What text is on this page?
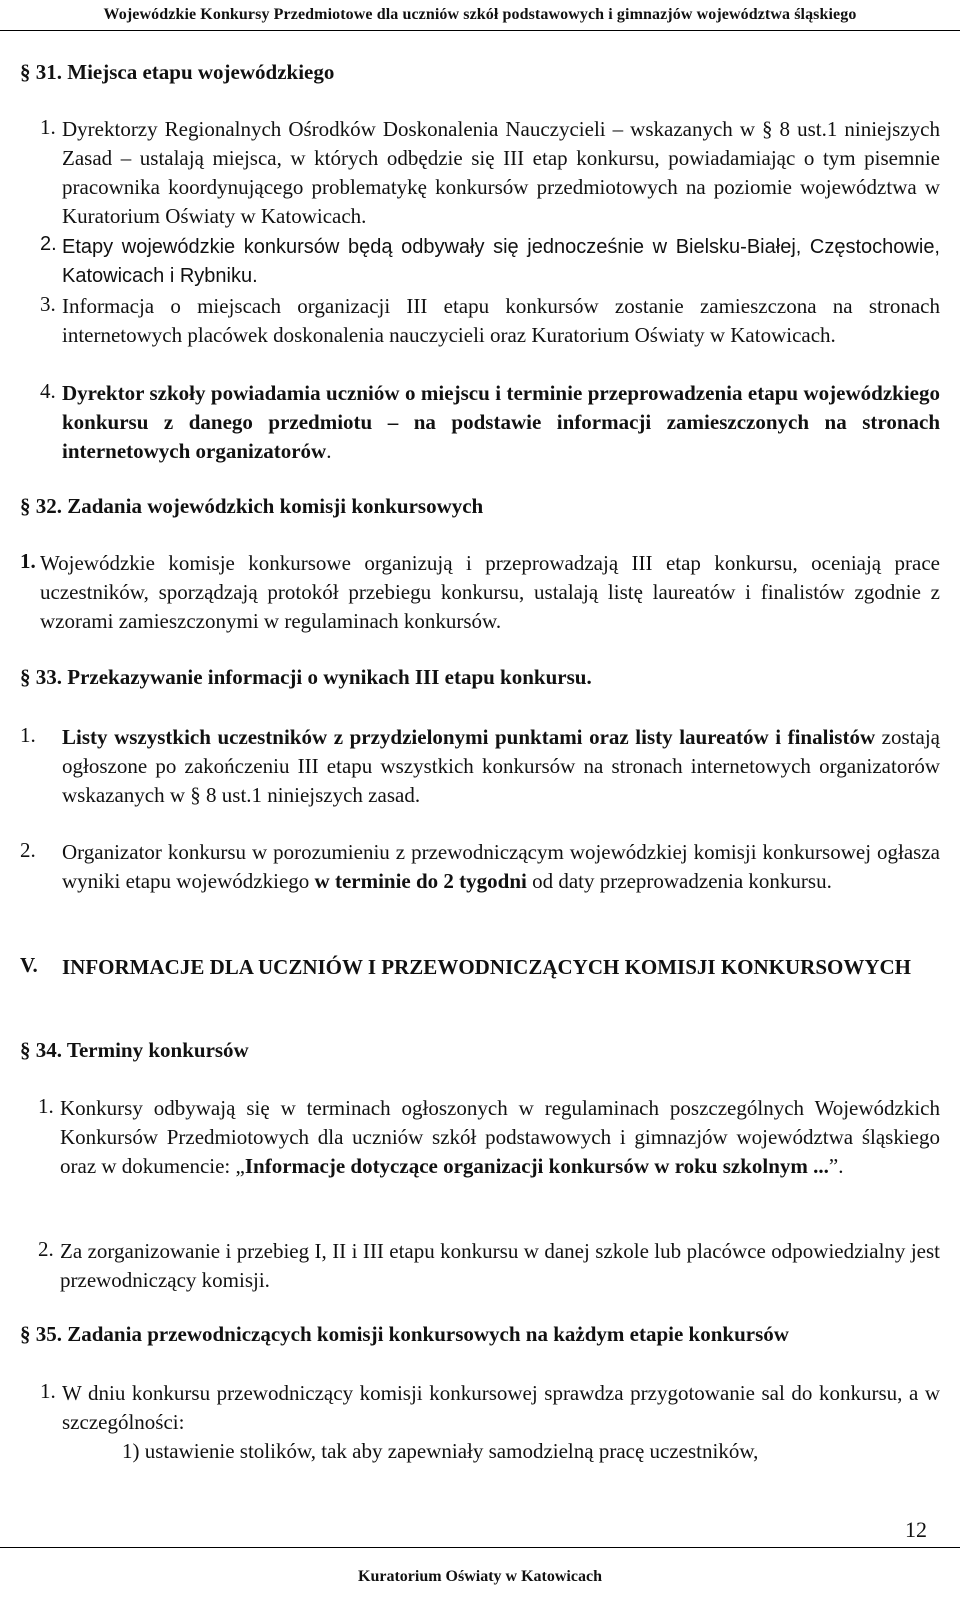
Wojewódzkie Konkursy Przedmiotowe dla uczniów szkół podstawowych i gimnazjów województwa śląskiego
§ 31. Miejsca etapu wojewódzkiego
1. Dyrektorzy Regionalnych Ośrodków Doskonalenia Nauczycieli – wskazanych w § 8 ust.1 niniejszych Zasad – ustalają miejsca, w których odbędzie się III etap konkursu, powiadamiając o tym pisemnie pracownika koordynującego problematykę konkursów przedmiotowych na poziomie województwa w Kuratorium Oświaty w Katowicach.
2. Etapy wojewódzkie konkursów będą odbywały się jednocześnie w Bielsku-Białej, Częstochowie, Katowicach i Rybniku.
3. Informacja o miejscach organizacji III etapu konkursów zostanie zamieszczona na stronach internetowych placówek doskonalenia nauczycieli oraz Kuratorium Oświaty w Katowicach.
4. Dyrektor szkoły powiadamia uczniów o miejscu i terminie przeprowadzenia etapu wojewódzkiego konkursu z danego przedmiotu – na podstawie informacji zamieszczonych na stronach internetowych organizatorów.
§ 32. Zadania wojewódzkich komisji konkursowych
1. Wojewódzkie komisje konkursowe organizują i przeprowadzają III etap konkursu, oceniają prace uczestników, sporządzają protokół przebiegu konkursu, ustalają listę laureatów i finalistów zgodnie z wzorami zamieszczonymi w regulaminach konkursów.
§ 33. Przekazywanie informacji o wynikach III etapu konkursu.
1. Listy wszystkich uczestników z przydzielonymi punktami oraz listy laureatów i finalistów zostają ogłoszone po zakończeniu III etapu wszystkich konkursów na stronach internetowych organizatorów wskazanych w § 8 ust.1 niniejszych zasad.
2. Organizator konkursu w porozumieniu z przewodniczącym wojewódzkiej komisji konkursowej ogłasza wyniki etapu wojewódzkiego w terminie do 2 tygodni od daty przeprowadzenia konkursu.
V. INFORMACJE DLA UCZNIÓW I PRZEWODNICZĄCYCH KOMISJI KONKURSOWYCH
§ 34. Terminy konkursów
1. Konkursy odbywają się w terminach ogłoszonych w regulaminach poszczególnych Wojewódzkich Konkursów Przedmiotowych dla uczniów szkół podstawowych i gimnazjów województwa śląskiego oraz w dokumencie: „Informacje dotyczące organizacji konkursów w roku szkolnym ...”.
2. Za zorganizowanie i przebieg I, II i III etapu konkursu w danej szkole lub placówce odpowiedzialny jest przewodniczący komisji.
§ 35. Zadania przewodniczących komisji konkursowych na każdym etapie konkursów
1. W dniu konkursu przewodniczący komisji konkursowej sprawdza przygotowanie sal do konkursu, a w szczególności:
1) ustawienie stolików, tak aby zapewniały samodzielną pracę uczestników,
12
Kuratorium Oświaty w Katowicach
